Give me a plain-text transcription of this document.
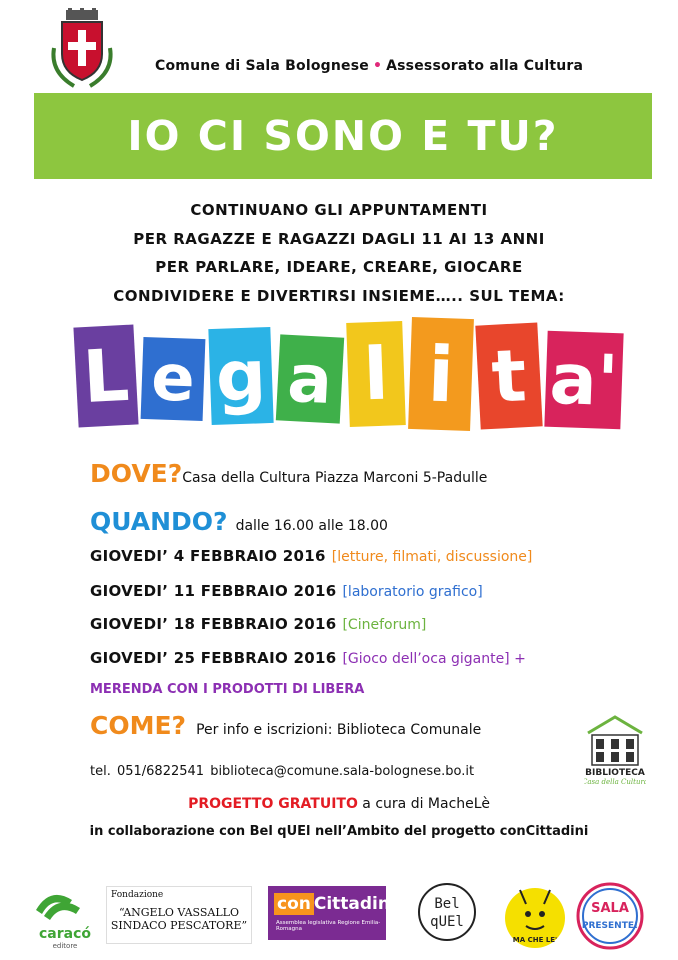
Comune di Sala Bolognese • Assessorato alla Cultura
IO CI SONO E TU?
CONTINUANO GLI APPUNTAMENTI
PER RAGAZZE E RAGAZZI DAGLI 11 AI 13 ANNI
PER PARLARE, IDEARE, CREARE, GIOCARE
CONDIVIDERE E DIVERTIRSI INSIEME….. SUL TEMA:
L e g a l i t a'
DOVE?Casa della Cultura Piazza Marconi 5-Padulle
QUANDO? dalle 16.00 alle 18.00
GIOVEDI’ 4 FEBBRAIO 2016 [letture, filmati, discussione]
GIOVEDI’ 11 FEBBRAIO 2016 [laboratorio grafico]
GIOVEDI’ 18 FEBBRAIO 2016 [Cineforum]
GIOVEDI’ 25 FEBBRAIO 2016 [Gioco dell’oca gigante] +
MERENDA CON I PRODOTTI DI LIBERA
COME? Per info e iscrizioni: Biblioteca Comunale
tel. 051/6822541 biblioteca@comune.sala-bolognese.bo.it	BIBLIOTECA
Casa della Cultura
PROGETTO GRATUITO a cura di MacheLè
in collaborazione con Bel qUEl nell’Ambito del progetto conCittadini
caracó
editore
Fondazione
“ANGELO VASSALLO
SINDACO PESCATORE”
con Cittadini
Assemblea legislativa Regione Emilia-Romagna
Bel
qUEl
MA CHE LE'
SALA
PRESENTE!
